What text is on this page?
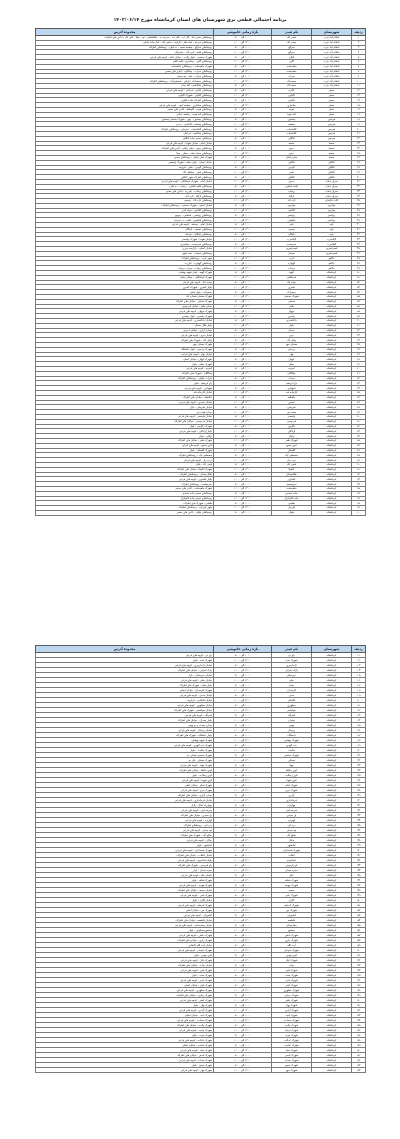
برنامه احتمالی قطعی برق شهرستان های استان کرمانشاه مورخ ۱۴۰۲/۰۶/۱۴
ردیف	شهرستان	نام فیدر	بازه زمانی خاموشی	محدوده آدرس
۱	اسلام آباد غرب	حسن آباد	۱۰:۰۰ الی ۰۸:۰۰	روستاهای حسن آباد - گل آب - کنار آب - سرخه ده - ملکشاهی - تپه - چقا - علی آباد - آبادی های اطراف
۲	اسلام آباد غرب	حسن آباد	۱۲:۰۰ الی ۱۰:۰۰	روستاهای سرخه - شاه نظر - گراوند - حاجی آباد - کنار جاده اصلی
۳	اسلام آباد غرب	سرگچ	۱۰:۰۰ الی ۰۸:۰۰	روستاهای سرگچ - چشمه سفید - ده لیلی - روستاهای اطراف
۴	اسلام آباد غرب	سرگچ	۱۲:۰۰ الی ۱۰:۰۰	روستاهای قلعه - کرم آباد - جعفرآباد
۵	اسلام آباد غرب	گیلان	۱۰:۰۰ الی ۰۸:۰۰	شهرک صنعتی - بلوار ولایت - خیابان امام - کوچه های فرعی
۶	اسلام آباد غرب	گلین	۱۲:۰۰ الی ۱۰:۰۰	روستاهای گلین - چغاسرخ - قلعه گلین
۷	اسلام آباد غرب	ماهیدشت	۱۰:۰۰ الی ۰۸:۰۰	شهرک ماهیدشت - روستاهای ماهیدشت
۸	اسلام آباد غرب	ماهیدشت	۱۲:۰۰ الی ۱۰:۰۰	روستاهای سراب - چقاکبود - آبادی های مسیر
۹	اسلام آباد غرب	سرآب	۱۰:۰۰ الی ۰۸:۰۰	روستاهای سرآب - مله - تپه سفید
۱۰	اسلام آباد غرب	محمدآباد	۱۲:۰۰ الی ۱۰:۰۰	روستاهای محمدآباد - کرکی - شمشیرآباد - روستاهای اطراف
۱۱	اسلام آباد غرب	محمدآباد	۱۰:۰۰ الی ۰۸:۰۰	روستاهای باباقاسم - کله بیدار
۱۲	سنقر	آبگرم	۱۰:۰۰ الی ۰۸:۰۰	روستاهای آبگرم - فرامان - کوچه های فرعی
۱۳	سنقر	کلیایی	۱۲:۰۰ الی ۱۰:۰۰	روستاهای کلیایی - شهرک کلیایی
۱۴	سنقر	کلیایی	۱۰:۰۰ الی ۰۸:۰۰	روستاهای اطراف جاده کلیایی
۱۵	سنقر	ساتیاری	۱۲:۰۰ الی ۱۰:۰۰	روستاهای ساتیاری - چشمه کبود - کوچه های فرعی
۱۶	سنقر	هوبه	۱۰:۰۰ الی ۰۸:۰۰	روستاهای هوبه - گاوشله - آبادی های مسیر
۱۷	سنقر	کنه هوبه	۱۲:۰۰ الی ۱۰:۰۰	روستاهای کنه هوبه - چشمه عباس
۱۸	هرسین	بیستون	۱۰:۰۰ الی ۰۸:۰۰	روستاهای بیستون - چهر - شهرک صنعتی بیستون
۱۹	هرسین	چشمه	۱۲:۰۰ الی ۱۰:۰۰	روستاهای چشمه - بالاخانی - ده نو
۲۰	هرسین	گاماسیاب	۱۰:۰۰ الی ۰۸:۰۰	روستاهای گاماسیاب - سرماج - روستاهای اطراف
۲۱	هرسین	گاماسیاب	۱۲:۰۰ الی ۱۰:۰۰	روستاهای چغاکبود - فرامان
۲۲	هرسین	کنگاور	۱۰:۰۰ الی ۰۸:۰۰	روستاهای مسیر جاده کنگاور
۲۳	صحنه	صحنه	۱۲:۰۰ الی ۱۰:۰۰	خیابان امام - خیابان شهدا - کوچه های فرعی
۲۴	صحنه	دینور	۱۰:۰۰ الی ۰۸:۰۰	روستاهای دینور - میان راهان - آبادی های اطراف
۲۵	صحنه	دینور	۱۲:۰۰ الی ۱۰:۰۰	روستاهای سیاه سیاه - سطر - چقا
۲۶	صحنه	میان راهان	۱۰:۰۰ الی ۰۸:۰۰	شهرک میان راهان - روستاهای مسیر
۲۷	کنگاور	کنگاور	۱۲:۰۰ الی ۱۰:۰۰	خیابان اصلی - بلوار معلم - شهرک ولیعصر
۲۸	کنگاور	گودین	۱۰:۰۰ الی ۰۸:۰۰	روستاهای گودین - فش - قزوینه
۲۹	کنگاور	فش	۱۲:۰۰ الی ۱۰:۰۰	روستاهای فش - سلطان آباد
۳۰	کنگاور	کنگاور	۱۰:۰۰ الی ۰۸:۰۰	روستاهای اطراف شهر کنگاور
۳۱	سرپل ذهاب	سرپل	۱۲:۰۰ الی ۱۰:۰۰	خیابان امام - شهرک فرهنگیان - کوچه های فرعی
۳۲	سرپل ذهاب	قلعه شاهین	۱۰:۰۰ الی ۰۸:۰۰	روستاهای قلعه شاهین - ریجاب - ده لیلی
۳۳	سرپل ذهاب	ریجاب	۱۲:۰۰ الی ۱۰:۰۰	روستاهای ریجاب - بانزرده - آبادی های مسیر
۳۴	سرپل ذهاب	ازگله	۱۰:۰۰ الی ۰۸:۰۰	روستاهای ازگله - تازه آباد
۳۵	ثلاث باباجانی	تازه آباد	۱۲:۰۰ الی ۱۰:۰۰	روستاهای تازه آباد - نوسود
۳۶	جوانرود	جوانرود	۱۰:۰۰ الی ۰۸:۰۰	خیابان اصلی - شهرک صنعتی - روستاهای اطراف
۳۷	جوانرود	کلاشی	۱۲:۰۰ الی ۱۰:۰۰	روستاهای کلاشی - سیاه کمر
۳۸	روانسر	روانسر	۱۰:۰۰ الی ۰۸:۰۰	روستاهای روانسر - شاهینی - بیونیج
۳۹	روانسر	شاهینی	۱۲:۰۰ الی ۱۰:۰۰	روستاهای شاهینی - قلعه - ده سرخه
۴۰	پاوه	پاوه	۱۰:۰۰ الی ۰۸:۰۰	خیابان امام - نودشه - کوچه های فرعی
۴۱	پاوه	نوسود	۱۲:۰۰ الی ۱۰:۰۰	روستاهای نوسود - باینگان
۴۲	پاوه	باینگان	۱۰:۰۰ الی ۰۸:۰۰	روستاهای باینگان - نودشه
۴۳	گیلانغرب	گیلانغرب	۱۲:۰۰ الی ۱۰:۰۰	خیابان شهدا - شهرک ولیعصر
۴۴	گیلانغرب	سرمست	۱۰:۰۰ الی ۰۸:۰۰	روستاهای سرمست - چغاسرخ
۴۵	قصرشیرین	قصرشیرین	۱۲:۰۰ الی ۱۰:۰۰	خیابان اصلی - بازارچه مرزی
۴۶	قصرشیرین	سومار	۱۰:۰۰ الی ۰۸:۰۰	روستاهای سومار - نفت شهر
۴۷	دالاهو	کرند	۱۲:۰۰ الی ۱۰:۰۰	شهر کرند - روستاهای اطراف
۴۸	دالاهو	گهواره	۱۰:۰۰ الی ۰۸:۰۰	روستاهای گهواره - بانزرده
۴۹	دالاهو	ریجاب	۱۲:۰۰ الی ۱۰:۰۰	روستاهای ریجاب - سراب ریجاب
۵۰	کرمانشاه	الهیه	۱۰:۰۰ الی ۰۸:۰۰	شهرک الهیه - بلوار شهید بهشتی
۵۱	کرمانشاه	فرهنگیان	۱۲:۰۰ الی ۱۰:۰۰	شهرک فرهنگیان - خیابان معلم
۵۲	کرمانشاه	دولت آباد	۱۰:۰۰ الی ۰۸:۰۰	دولت آباد - کوچه های فرعی
۵۳	کرمانشاه	کسری	۱۲:۰۰ الی ۱۰:۰۰	بلوار کسری - شهرک کسری
۵۴	کرمانشاه	جعفرآباد	۱۰:۰۰ الی ۰۸:۰۰	جعفرآباد - بلوار اصلی
۵۵	کرمانشاه	شهرک صنعتی	۱۲:۰۰ الی ۱۰:۰۰	شهرک صنعتی شماره یک
۵۶	کرمانشاه	مسکن	۱۰:۰۰ الی ۰۸:۰۰	شهرک مسکن - خیابان های اطراف
۵۷	کرمانشاه	ظفر	۱۲:۰۰ الی ۱۰:۰۰	میدان ظفر - خیابان فردوسی
۵۸	کرمانشاه	نوبهار	۱۰:۰۰ الی ۰۸:۰۰	شهرک نوبهار - کوچه های فرعی
۵۹	کرمانشاه	رشیدی	۱۲:۰۰ الی ۱۰:۰۰	شهرک رشیدی - بلوار رشیدی
۶۰	کرمانشاه	دادگستری	۱۰:۰۰ الی ۰۸:۰۰	خیابان دادگستری - کوچه های فرعی
۶۱	کرمانشاه	بلوار	۱۲:۰۰ الی ۱۰:۰۰	بلوار طاق بستان
۶۲	کرمانشاه	میدان	۱۰:۰۰ الی ۰۸:۰۰	میدان آزادی - خیابان مدرس
۶۳	کرمانشاه	نیرو	۱۲:۰۰ الی ۱۰:۰۰	خیابان نیرو - کوچه های فرعی
۶۴	کرمانشاه	وکیل آباد	۱۰:۰۰ الی ۰۸:۰۰	وکیل آباد - شهرک های اطراف
۶۵	کرمانشاه	مسکن مهر	۱۲:۰۰ الی ۱۰:۰۰	شهرک مسکن مهر
۶۶	کرمانشاه	پردیس	۱۰:۰۰ الی ۰۸:۰۰	شهرک پردیس - بلوار دانشگاه
۶۷	کرمانشاه	بهار	۱۲:۰۰ الی ۱۰:۰۰	خیابان بهار - کوچه های فرعی
۶۸	کرمانشاه	کیهان	۱۰:۰۰ الی ۰۸:۰۰	شهرک کیهان - خیابان اصلی
۶۹	کرمانشاه	معلم	۱۲:۰۰ الی ۱۰:۰۰	شهرک معلم - بلوار
۷۰	کرمانشاه	امیریه	۱۰:۰۰ الی ۰۸:۰۰	امیریه - کوچه های فرعی
۷۱	کرمانشاه	چقاگلان	۱۲:۰۰ الی ۱۰:۰۰	چقاگلان - شهرک های اطراف
۷۲	کرمانشاه	سراب	۱۰:۰۰ الی ۰۸:۰۰	سراب نیلوفر - روستاهای اطراف
۷۳	کرمانشاه	باغ ابریشم	۱۲:۰۰ الی ۱۰:۰۰	باغ ابریشم - بلوار
۷۴	کرمانشاه	شهیادی	۱۰:۰۰ الی ۰۸:۰۰	شهیادی - کوچه های فرعی
۷۵	کرمانشاه	کارخانه قند	۱۲:۰۰ الی ۱۰:۰۰	خیابان کارخانه قند
۷۶	کرمانشاه	حافظیه	۱۰:۰۰ الی ۰۸:۰۰	حافظیه - خیابان های اطراف
۷۷	کرمانشاه	سعدی	۱۲:۰۰ الی ۱۰:۰۰	خیابان سعدی - کوچه های فرعی
۷۸	کرمانشاه	شریعتی	۱۰:۰۰ الی ۰۸:۰۰	خیابان شریعتی - بازار
۷۹	کرمانشاه	هفت تیر	۱۲:۰۰ الی ۱۰:۰۰	میدان هفت تیر
۸۰	کرمانشاه	ولیعصر	۱۰:۰۰ الی ۰۸:۰۰	خیابان ولیعصر - کوچه های فرعی
۸۱	کرمانشاه	فردوسی	۱۲:۰۰ الی ۱۰:۰۰	خیابان فردوسی - خیابان های اطراف
۸۲	کرمانشاه	زاگرس	۱۰:۰۰ الی ۰۸:۰۰	شهرک زاگرس - بلوار
۸۳	کرمانشاه	آزادگان	۱۲:۰۰ الی ۱۰:۰۰	بلوار آزادگان - کوچه های فرعی
۸۴	کرمانشاه	نوکان	۱۰:۰۰ الی ۰۸:۰۰	نوکان - بلوار
۸۵	کرمانشاه	شهرک ظفر	۱۲:۰۰ الی ۱۰:۰۰	شهرک ظفر - خیابان های اطراف
۸۶	کرمانشاه	کوی بسیج	۱۰:۰۰ الی ۰۸:۰۰	کوی بسیج - کوچه های فرعی
۸۷	کرمانشاه	گلستان	۱۲:۰۰ الی ۱۰:۰۰	شهرک گلستان - بلوار
۸۸	کرمانشاه	مصطفی آباد	۱۰:۰۰ الی ۰۸:۰۰	مصطفی آباد - روستاهای اطراف
۸۹	کرمانشاه	دره دراز	۱۲:۰۰ الی ۱۰:۰۰	دره دراز - کوچه های فرعی
۹۰	کرمانشاه	فیض آباد	۱۰:۰۰ الی ۰۸:۰۰	فیض آباد - بلوار
۹۱	کرمانشاه	آناهیتا	۱۲:۰۰ الی ۱۰:۰۰	شهرک آناهیتا - خیابان های اطراف
۹۲	کرمانشاه	طاقبستان	۱۰:۰۰ الی ۰۸:۰۰	طاق بستان - روستاهای اطراف
۹۳	کرمانشاه	کشاورز	۱۲:۰۰ الی ۱۰:۰۰	بلوار کشاورز - کوچه های فرعی
۹۴	کرمانشاه	سرچشمه	۱۰:۰۰ الی ۰۸:۰۰	سرچشمه - روستاهای اطراف
۹۵	کرمانشاه	ماهیدشت	۱۲:۰۰ الی ۱۰:۰۰	شهرک ماهیدشت - آبادی های مسیر
۹۶	کرمانشاه	جاده سنندج	۱۰:۰۰ الی ۰۸:۰۰	روستاهای مسیر جاده سنندج
۹۷	کرمانشاه	جاده کامیاران	۱۲:۰۰ الی ۱۰:۰۰	روستاهای مسیر جاده کامیاران
۹۸	کرمانشاه	هلشی	۱۰:۰۰ الی ۰۸:۰۰	هلشی - شهرک های اطراف
۹۹	کرمانشاه	کوزران	۱۲:۰۰ الی ۱۰:۰۰	شهر کوزران - روستاهای اطراف
۱۰۰	کرمانشاه	بیلوار	۱۰:۰۰ الی ۰۸:۰۰	روستاهای بیلوار - آبادی های مسیر
ردیف	شهرستان	نام فیدر	بازه زمانی خاموشی	محدوده آدرس
۱۰۱	کرمانشاه	باغ نی	۱۰:۰۰ الی ۰۸:۰۰	باغ نی - کوچه های فرعی
۱۰۲	کرمانشاه	شهرک نفت	۱۲:۰۰ الی ۱۰:۰۰	شهرک نفت - بلوار
۱۰۳	کرمانشاه	ژاندارمری	۱۰:۰۰ الی ۰۸:۰۰	خیابان ژاندارمری - کوچه های فرعی
۱۰۴	کرمانشاه	پارک شرقی	۱۲:۰۰ الی ۱۰:۰۰	پارک شرقی - خیابان های اطراف
۱۰۵	کرمانشاه	دبیرستان	۱۰:۰۰ الی ۰۸:۰۰	خیابان دبیرستان - بازار
۱۰۶	کرمانشاه	خیام	۱۲:۰۰ الی ۱۰:۰۰	خیابان خیام - کوچه های فرعی
۱۰۷	کرمانشاه	سپاه	۱۰:۰۰ الی ۰۸:۰۰	بلوار سپاه - شهرک های اطراف
۱۰۸	کرمانشاه	کارمندان	۱۲:۰۰ الی ۱۰:۰۰	شهرک کارمندان - خیابان اصلی
۱۰۹	کرمانشاه	مدنی	۱۰:۰۰ الی ۰۸:۰۰	خیابان مدنی - کوچه های فرعی
۱۱۰	کرمانشاه	کاشانی	۱۲:۰۰ الی ۱۰:۰۰	خیابان کاشانی - بازارچه
۱۱۱	کرمانشاه	مطهری	۱۰:۰۰ الی ۰۸:۰۰	خیابان مطهری - کوچه های فرعی
۱۱۲	کرمانشاه	جوانشیر	۱۲:۰۰ الی ۱۰:۰۰	خیابان جوانشیر - شهرک های اطراف
۱۱۳	کرمانشاه	قنبرآباد	۱۰:۰۰ الی ۰۸:۰۰	قنبرآباد - کوچه های فرعی
۱۱۴	کرمانشاه	چمران	۱۲:۰۰ الی ۱۰:۰۰	بلوار چمران - خیابان های اطراف
۱۱۵	کرمانشاه	بهمن	۱۰:۰۰ الی ۰۸:۰۰	میدان بیست و دو بهمن
۱۱۶	کرمانشاه	پرستار	۱۲:۰۰ الی ۱۰:۰۰	خیابان پرستار - کوچه های فرعی
۱۱۷	کرمانشاه	دانشگاه	۱۰:۰۰ الی ۰۸:۰۰	بلوار دانشگاه - شهرک های اطراف
۱۱۸	کرمانشاه	شهرک بهشتی	۱۲:۰۰ الی ۱۰:۰۰	شهرک شهید بهشتی
۱۱۹	کرمانشاه	بنت الهدی	۱۰:۰۰ الی ۰۸:۰۰	شهرک بنت الهدی - کوچه های فرعی
۱۲۰	کرمانشاه	حکمت	۱۲:۰۰ الی ۱۰:۰۰	شهرک حکمت - بلوار
۱۲۱	کرمانشاه	شهرک صنعتی	۱۰:۰۰ الی ۰۸:۰۰	شهرک صنعتی شماره دو
۱۲۲	کرمانشاه	مسکن	۱۲:۰۰ الی ۱۰:۰۰	شهرک مسکن - فاز دو
۱۲۳	کرمانشاه	جهاد	۱۰:۰۰ الی ۰۸:۰۰	شهرک جهاد - کوچه های فرعی
۱۲۴	کرمانشاه	کوی حافظ	۱۲:۰۰ الی ۱۰:۰۰	کوی حافظ - خیابان های اطراف
۱۲۵	کرمانشاه	کوی رسالت	۱۰:۰۰ الی ۰۸:۰۰	کوی رسالت - بلوار
۱۲۶	کرمانشاه	کوی شهدا	۱۲:۰۰ الی ۱۰:۰۰	کوی شهدا - کوچه های فرعی
۱۲۷	کرمانشاه	شهرک امام	۱۰:۰۰ الی ۰۸:۰۰	شهرک امام - خیابان اصلی
۱۲۸	کرمانشاه	شهرک نیرو	۱۲:۰۰ الی ۱۰:۰۰	شهرک نیرو - کوچه های فرعی
۱۲۹	کرمانشاه	آزادی	۱۰:۰۰ الی ۰۸:۰۰	میدان آزادی - خیابان های اطراف
۱۳۰	کرمانشاه	فرمانداری	۱۲:۰۰ الی ۱۰:۰۰	خیابان فرمانداری - کوچه های فرعی
۱۳۱	کرمانشاه	چهارراه	۱۰:۰۰ الی ۰۸:۰۰	چهارراه اجاق - بازار
۱۳۲	کرمانشاه	سرخه لیژه	۱۲:۰۰ الی ۱۰:۰۰	سرخه لیژه - کوچه های فرعی
۱۳۳	کرمانشاه	پل سیدی	۱۰:۰۰ الی ۰۸:۰۰	پل سیدی - خیابان های اطراف
۱۳۴	کرمانشاه	کهریزه	۱۲:۰۰ الی ۱۰:۰۰	کهریزه - کوچه های فرعی
۱۳۵	کرمانشاه	دره کی	۱۰:۰۰ الی ۰۸:۰۰	دره کی - روستاهای اطراف
۱۳۶	کرمانشاه	تپه میدان	۱۲:۰۰ الی ۱۰:۰۰	تپه میدان - کوچه های فرعی
۱۳۷	کرمانشاه	صالح آباد	۱۰:۰۰ الی ۰۸:۰۰	صالح آباد - شهرک های اطراف
۱۳۸	کرمانشاه	نوکان	۱۲:۰۰ الی ۱۰:۰۰	نوکان - کوچه های فرعی
۱۳۹	کرمانشاه	کیانشهر	۱۰:۰۰ الی ۰۸:۰۰	کیانشهر - بلوار
۱۴۰	کرمانشاه	شهرک پاسداران	۱۲:۰۰ الی ۱۰:۰۰	شهرک پاسداران - کوچه های فرعی
۱۴۱	کرمانشاه	انقلاب	۱۰:۰۰ الی ۰۸:۰۰	خیابان انقلاب - خیابان های اطراف
۱۴۲	کرمانشاه	استادیوم	۱۲:۰۰ الی ۱۰:۰۰	بلوار استادیوم - کوچه های فرعی
۱۴۳	کرمانشاه	باغ فردوس	۱۰:۰۰ الی ۰۸:۰۰	باغ فردوس - شهرک های اطراف
۱۴۴	کرمانشاه	سبزه میدان	۱۲:۰۰ الی ۱۰:۰۰	سبزه میدان - بازار
۱۴۵	کرمانشاه	علم	۱۰:۰۰ الی ۰۸:۰۰	خیابان علم - کوچه های فرعی
۱۴۶	کرمانشاه	شهرک شاهد	۱۲:۰۰ الی ۱۰:۰۰	شهرک شاهد - بلوار
۱۴۷	کرمانشاه	شهرک مهدیه	۱۰:۰۰ الی ۰۸:۰۰	شهرک مهدیه - کوچه های فرعی
۱۴۸	کرمانشاه	سمیه	۱۲:۰۰ الی ۱۰:۰۰	خیابان سمیه - خیابان های اطراف
۱۴۹	کرمانشاه	شهرک یاس	۱۰:۰۰ الی ۰۸:۰۰	شهرک یاس - کوچه های فرعی
۱۵۰	کرمانشاه	گلزار	۱۲:۰۰ الی ۱۰:۰۰	خیابان گلزار - بلوار
۱۵۱	کرمانشاه	شهرک اندیشه	۱۰:۰۰ الی ۰۸:۰۰	شهرک اندیشه - کوچه های فرعی
۱۵۲	کرمانشاه	شهرک نور	۱۲:۰۰ الی ۱۰:۰۰	شهرک نور - خیابان اصلی
۱۵۳	کرمانشاه	آبشوران	۱۰:۰۰ الی ۰۸:۰۰	آبشوران - کوچه های فرعی
۱۵۴	کرمانشاه	فاطمیه	۱۲:۰۰ الی ۱۰:۰۰	خیابان فاطمیه - خیابان های اطراف
۱۵۵	کرمانشاه	بیمارستان	۱۰:۰۰ الی ۰۸:۰۰	خیابان بیمارستان - کوچه های فرعی
۱۵۶	کرمانشاه	مجتمع	۱۲:۰۰ الی ۱۰:۰۰	مجتمع مسکونی - بلوار
۱۵۷	کرمانشاه	شهرک دانش	۱۰:۰۰ الی ۰۸:۰۰	شهرک دانش - کوچه های فرعی
۱۵۸	کرمانشاه	شهرک رازی	۱۲:۰۰ الی ۱۰:۰۰	شهرک رازی - خیابان های اطراف
۱۵۹	کرمانشاه	آیت الله	۱۰:۰۰ الی ۰۸:۰۰	خیابان آیت الله کاشانی
۱۶۰	کرمانشاه	شهرک سپیدار	۱۲:۰۰ الی ۱۰:۰۰	شهرک سپیدار - کوچه های فرعی
۱۶۱	کرمانشاه	کوی مهدی	۱۰:۰۰ الی ۰۸:۰۰	کوی مهدی - بلوار
۱۶۲	کرمانشاه	شهرک ایثار	۱۲:۰۰ الی ۱۰:۰۰	شهرک ایثار - کوچه های فرعی
۱۶۳	کرمانشاه	نواب	۱۰:۰۰ الی ۰۸:۰۰	خیابان نواب - خیابان های اطراف
۱۶۴	کرمانشاه	شهرک فجر	۱۲:۰۰ الی ۱۰:۰۰	شهرک فجر - کوچه های فرعی
۱۶۵	کرمانشاه	شهرک بعثت	۱۰:۰۰ الی ۰۸:۰۰	شهرک بعثت - بلوار
۱۶۶	کرمانشاه	شهرک غدیر	۱۲:۰۰ الی ۱۰:۰۰	شهرک غدیر - کوچه های فرعی
۱۶۷	کرمانشاه	شهرک کوثر	۱۰:۰۰ الی ۰۸:۰۰	شهرک کوثر - خیابان اصلی
۱۶۸	کرمانشاه	شهرک مطهری	۱۲:۰۰ الی ۱۰:۰۰	شهرک مطهری - کوچه های فرعی
۱۶۹	کرمانشاه	شهرک رجایی	۱۰:۰۰ الی ۰۸:۰۰	شهرک رجایی - خیابان های اطراف
۱۷۰	کرمانشاه	شهرک باهنر	۱۲:۰۰ الی ۱۰:۰۰	شهرک باهنر - کوچه های فرعی
۱۷۱	کرمانشاه	شهرک بهار	۱۰:۰۰ الی ۰۸:۰۰	شهرک بهار - بلوار
۱۷۲	کرمانشاه	شهرک آزادی	۱۲:۰۰ الی ۱۰:۰۰	شهرک آزادی - کوچه های فرعی
۱۷۳	کرمانشاه	شهرک امید	۱۰:۰۰ الی ۰۸:۰۰	شهرک امید - خیابان اصلی
۱۷۴	کرمانشاه	شهرک سعادت	۱۲:۰۰ الی ۱۰:۰۰	شهرک سعادت - کوچه های فرعی
۱۷۵	کرمانشاه	شهرک ولایت	۱۰:۰۰ الی ۰۸:۰۰	شهرک ولایت - خیابان های اطراف
۱۷۶	کرمانشاه	شهرک توحید	۱۲:۰۰ الی ۱۰:۰۰	شهرک توحید - کوچه های فرعی
۱۷۷	کرمانشاه	شهرک نبوت	۱۰:۰۰ الی ۰۸:۰۰	شهرک نبوت - بلوار
۱۷۸	کرمانشاه	شهرک عدالت	۱۲:۰۰ الی ۱۰:۰۰	شهرک عدالت - کوچه های فرعی
۱۷۹	کرمانشاه	شهرک امامت	۱۰:۰۰ الی ۰۸:۰۰	شهرک امامت - خیابان اصلی
۱۸۰	کرمانشاه	شهرک معاد	۱۲:۰۰ الی ۱۰:۰۰	شهرک معاد - کوچه های فرعی
۱۸۱	کرمانشاه	شهرک قدس	۱۰:۰۰ الی ۰۸:۰۰	شهرک قدس - خیابان های اطراف
۱۸۲	کرمانشاه	شهرک صدف	۱۲:۰۰ الی ۱۰:۰۰	شهرک صدف - کوچه های فرعی
۱۸۳	کرمانشاه	شهرک نسیم	۱۰:۰۰ الی ۰۸:۰۰	شهرک نسیم - بلوار
۱۸۴	کرمانشاه	شهرک مهر	۱۲:۰۰ الی ۱۰:۰۰	شهرک مهر - کوچه های فرعی
